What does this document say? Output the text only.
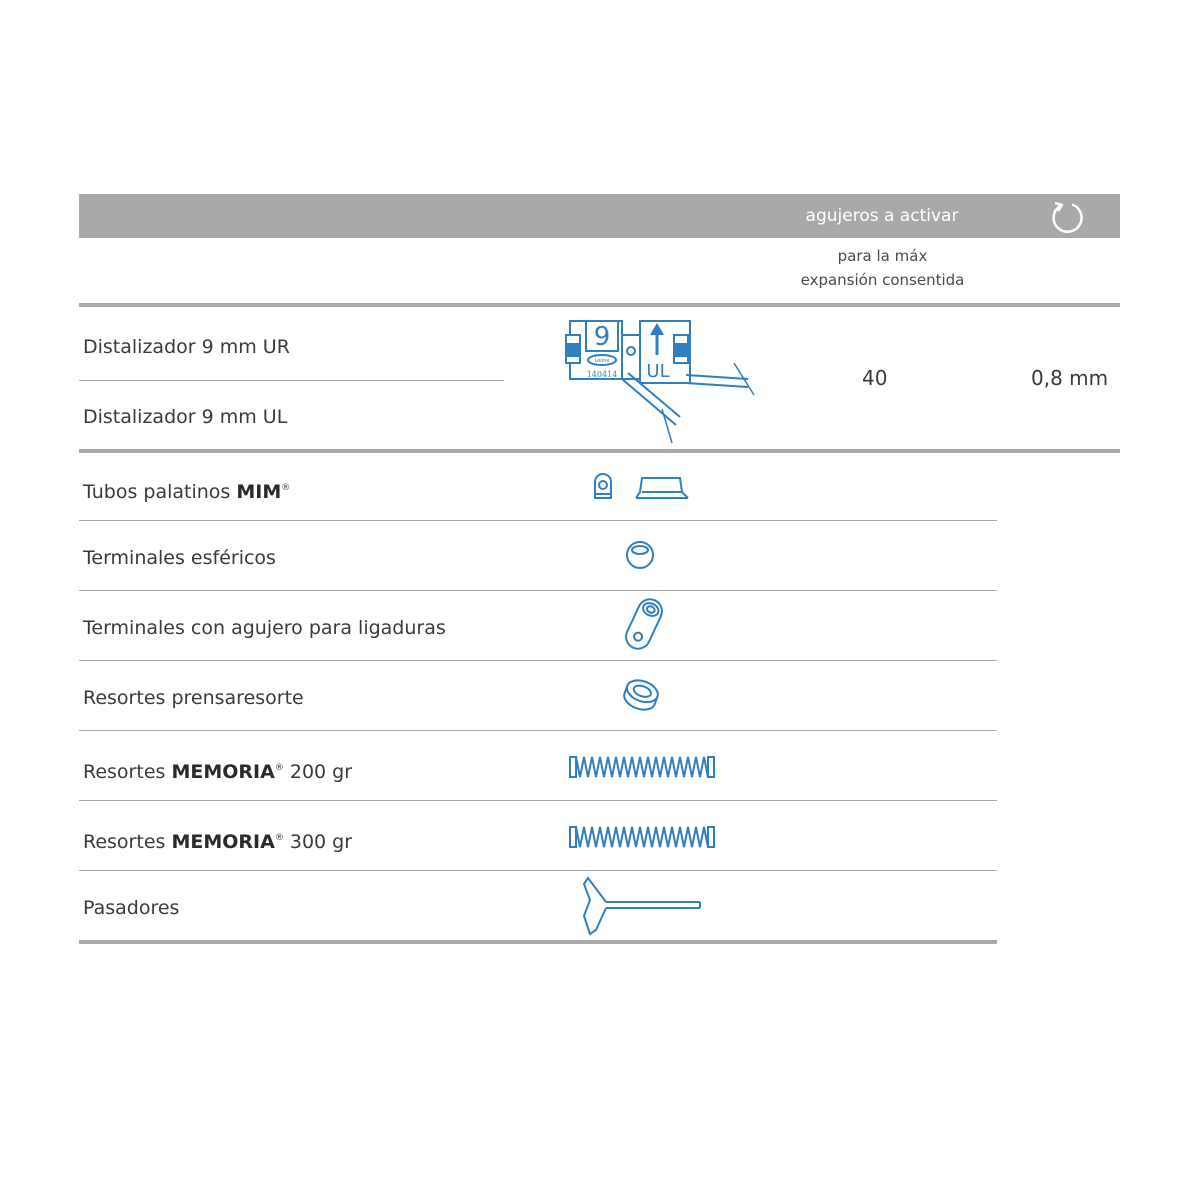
agujeros a activar
para la máx
expansión consentida
Distalizador 9 mm UR
Distalizador 9 mm UL
9
Leone
140414 UL	40	0,8 mm
Tubos palatinos MIM®
Terminales esféricos
Terminales con agujero para ligaduras
Resortes prensaresorte
Resortes MEMORIA® 200 gr
Resortes MEMORIA® 300 gr
Pasadores
